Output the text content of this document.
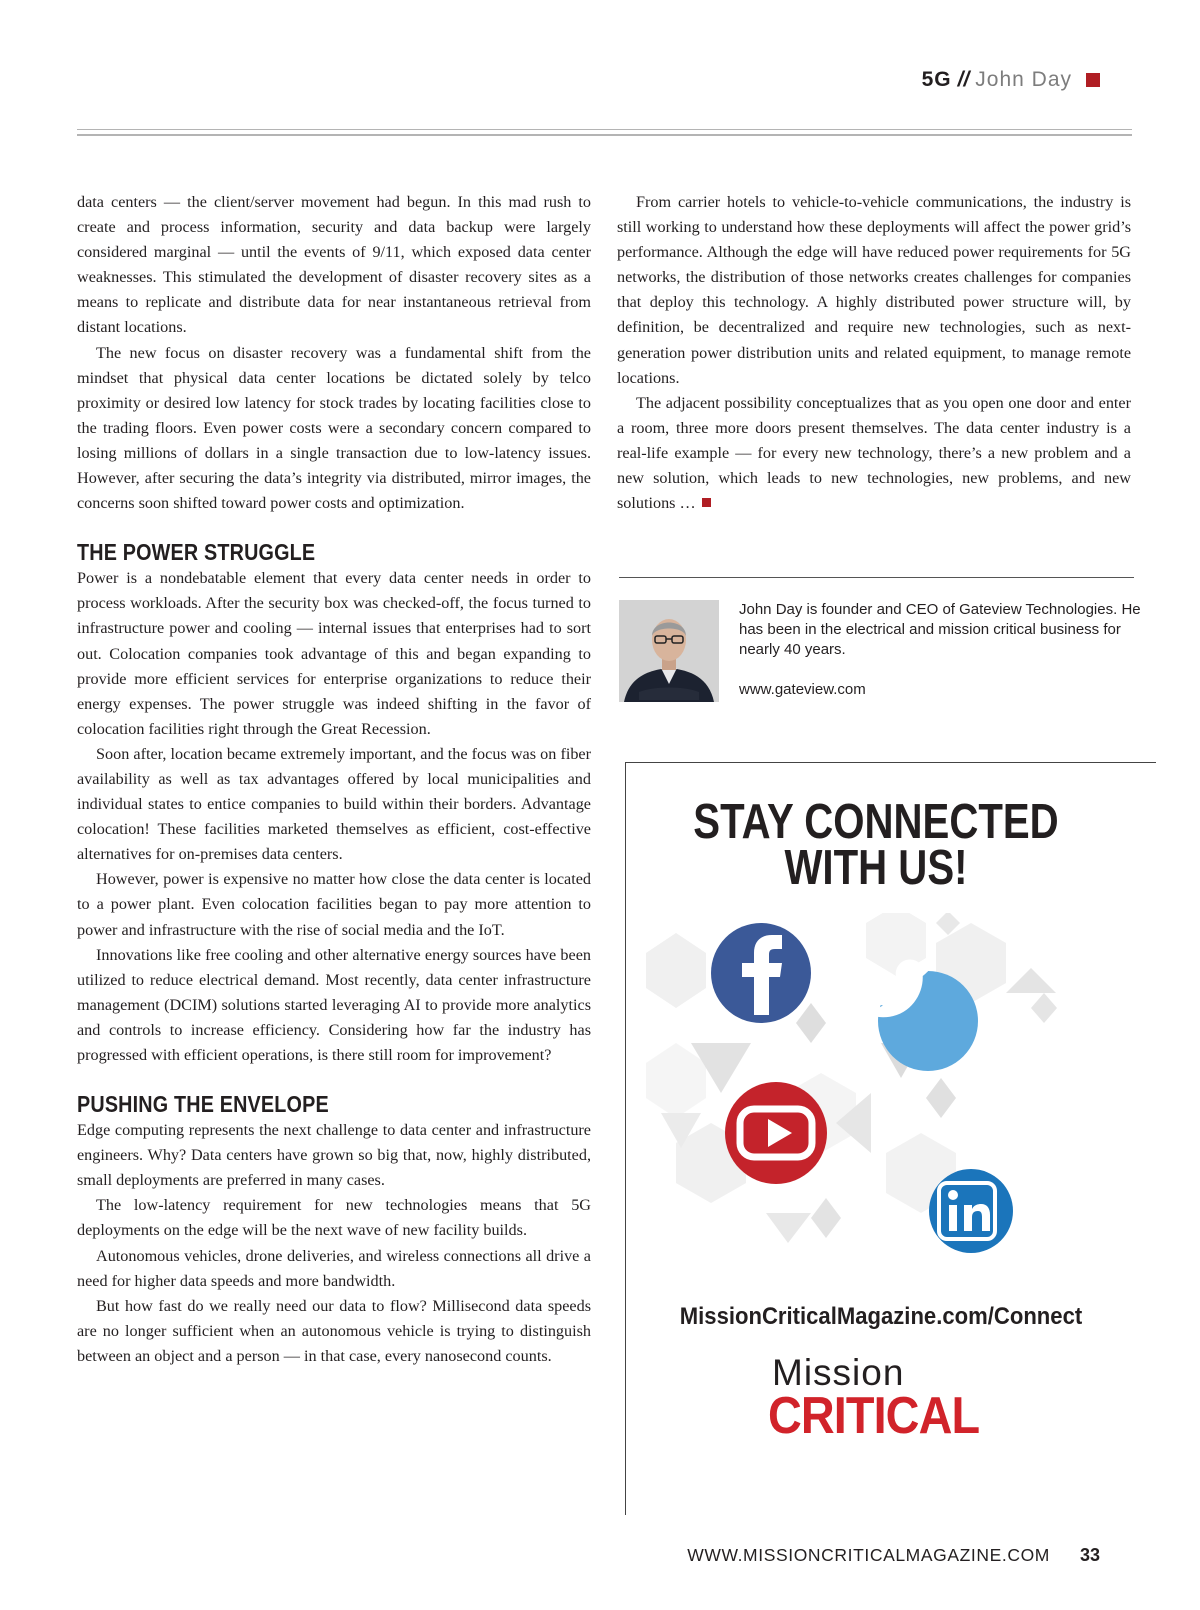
5G // John Day

data centers — the client/server movement had begun. In this mad rush to create and process information, security and data backup were largely considered marginal — until the events of 9/11, which exposed data center weaknesses. This stimulated the development of disaster recovery sites as a means to replicate and distribute data for near instantaneous retrieval from distant locations.

The new focus on disaster recovery was a fundamental shift from the mindset that physical data center locations be dictated solely by telco proximity or desired low latency for stock trades by locating facilities close to the trading floors. Even power costs were a secondary concern compared to losing millions of dollars in a single transaction due to low-latency issues. However, after securing the data’s integrity via distributed, mirror images, the concerns soon shifted toward power costs and optimization.

THE POWER STRUGGLE

Power is a nondebatable element that every data center needs in order to process workloads. After the security box was checked-off, the focus turned to infrastructure power and cooling — internal issues that enterprises had to sort out. Colocation companies took advantage of this and began expanding to provide more efficient services for enterprise organizations to reduce their energy expenses. The power struggle was indeed shifting in the favor of colocation facilities right through the Great Recession.

Soon after, location became extremely important, and the focus was on fiber availability as well as tax advantages offered by local municipalities and individual states to entice companies to build within their borders. Advantage colocation! These facilities marketed themselves as efficient, cost-effective alternatives for on-premises data centers.

However, power is expensive no matter how close the data center is located to a power plant. Even colocation facilities began to pay more attention to power and infrastructure with the rise of social media and the IoT.

Innovations like free cooling and other alternative energy sources have been utilized to reduce electrical demand. Most recently, data center infrastructure management (DCIM) solutions started leveraging AI to provide more analytics and controls to increase efficiency. Considering how far the industry has progressed with efficient operations, is there still room for improvement?

PUSHING THE ENVELOPE

Edge computing represents the next challenge to data center and infrastructure engineers. Why? Data centers have grown so big that, now, highly distributed, small deployments are preferred in many cases.

The low-latency requirement for new technologies means that 5G deployments on the edge will be the next wave of new facility builds.

Autonomous vehicles, drone deliveries, and wireless connections all drive a need for higher data speeds and more bandwidth.

But how fast do we really need our data to flow? Millisecond data speeds are no longer sufficient when an autonomous vehicle is trying to distinguish between an object and a person — in that case, every nanosecond counts.

From carrier hotels to vehicle-to-vehicle communications, the industry is still working to understand how these deployments will affect the power grid’s performance. Although the edge will have reduced power requirements for 5G networks, the distribution of those networks creates challenges for companies that deploy this technology. A highly distributed power structure will, by definition, be decentralized and require new technologies, such as next-generation power distribution units and related equipment, to manage remote locations.

The adjacent possibility conceptualizes that as you open one door and enter a room, three more doors present themselves. The data center industry is a real-life example — for every new technology, there’s a new problem and a new solution, which leads to new technologies, new problems, and new solutions …

John Day is founder and CEO of Gateview Technologies. He has been in the electrical and mission critical business for nearly 40 years.

www.gateview.com

STAY CONNECTED
WITH US!
MissionCriticalMagazine.com/Connect
Mission
CRITICAL
WWW.MISSIONCRITICALMAGAZINE.COM 33
